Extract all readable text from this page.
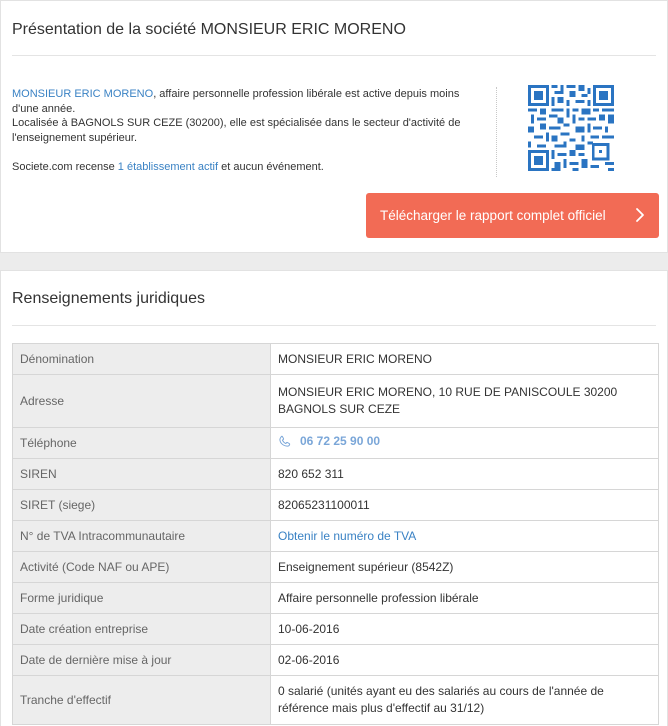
Présentation de la société MONSIEUR ERIC MORENO

MONSIEUR ERIC MORENO, affaire personnelle profession libérale est active depuis moins d'une année.

Localisée à BAGNOLS SUR CEZE (30200), elle est spécialisée dans le secteur d'activité de l'enseignement supérieur.

Societe.com recense 1 établissement actif et aucun événement.
Télécharger le rapport complet officiel
Renseignements juridiques
Dénomination	MONSIEUR ERIC MORENO
Adresse	MONSIEUR ERIC MORENO, 10 RUE DE PANISCOULE 30200 BAGNOLS SUR CEZE
Téléphone	06 72 25 90 00

SIREN	820 652 311
SIRET (siege)	82065231100011
N° de TVA Intracommunautaire	Obtenir le numéro de TVA
Activité (Code NAF ou APE)	Enseignement supérieur (8542Z)
Forme juridique	Affaire personnelle profession libérale
Date création entreprise	10-06-2016
Date de dernière mise à jour	02-06-2016
Tranche d'effectif	0 salarié (unités ayant eu des salariés au cours de l'année de référence mais plus d'effectif au 31/12)
